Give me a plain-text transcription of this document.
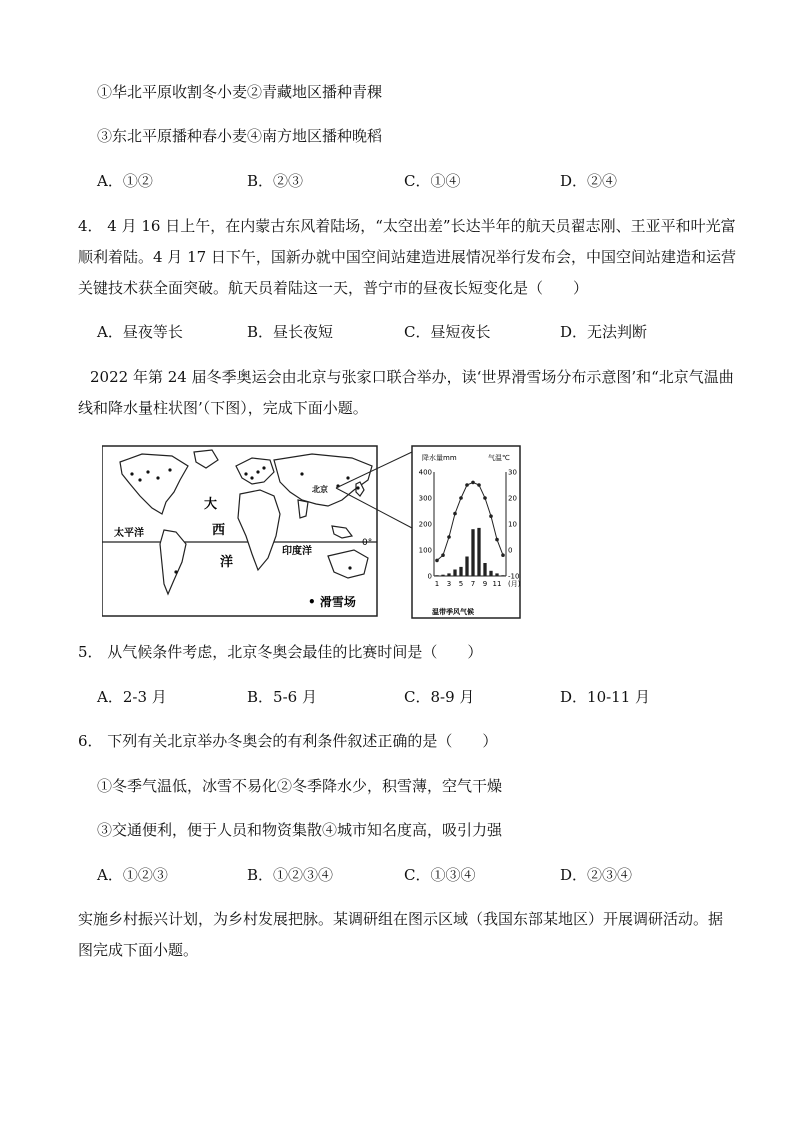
①华北平原收割冬小麦②青藏地区播种青稞
③东北平原播种春小麦④南方地区播种晚稻
A．①②	B．②③	C．①④	D．②④
4． 4 月 16 日上午，在内蒙古东风着陆场，“太空出差”长达半年的航天员翟志刚、王亚平和叶光富
顺利着陆。4 月 17 日下午，国新办就中国空间站建造进展情况举行发布会，中国空间站建造和运营
关键技术获全面突破。航天员着陆这一天，普宁市的昼夜长短变化是（　　）
A．昼夜等长	B．昼长夜短	C．昼短夜长	D．无法判断
2022 年第 24 届冬季奥运会由北京与张家口联合举办，读‘世界滑雪场分布示意图’和“北京气温曲
线和降水量柱状图’（下图），完成下面小题。
太平洋
大
西
洋
印度洋
北京
0°
• 滑雪场
降水量mm	气温℃
400
300
200
100
0
30
20
10
0
-10
1 3 5 7 9 11 (月)
温带季风气候
5． 从气候条件考虑，北京冬奥会最佳的比赛时间是（　　）
A．2-3 月	B．5-6 月	C．8-9 月	D．10-11 月
6． 下列有关北京举办冬奥会的有利条件叙述正确的是（　　）
①冬季气温低，冰雪不易化②冬季降水少，积雪薄，空气干燥
③交通便利，便于人员和物资集散④城市知名度高，吸引力强
A．①②③	B．①②③④	C．①③④	D．②③④
实施乡村振兴计划，为乡村发展把脉。某调研组在图示区域（我国东部某地区）开展调研活动。据
图完成下面小题。
